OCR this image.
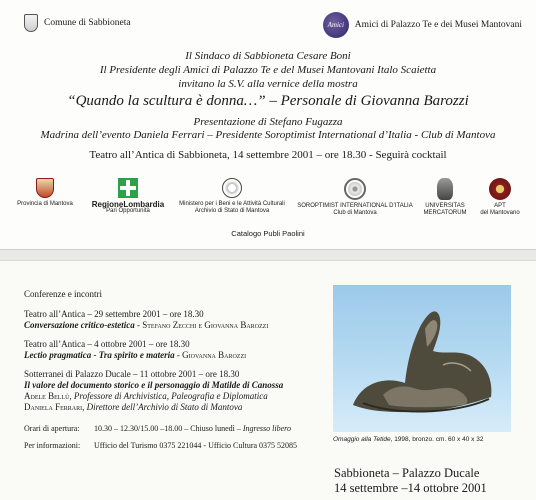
Comune di Sabbioneta	Amici	Amici di Palazzo Te e dei Musei Mantovani
Il Sindaco di Sabbioneta Cesare Boni
Il Presidente degli Amici di Palazzo Te e del Musei Mantovani Italo Scaietta
invitano la S.V. alla vernice della mostra
“Quando la scultura è donna…” – Personale di Giovanna Barozzi
Presentazione di Stefano Fugazza
Madrina dell’evento Daniela Ferrari – Presidente Soroptimist International d’Italia - Club di Mantova
Teatro all’Antica di Sabbioneta, 14 settembre 2001 – ore 18.30 - Seguirà cocktail
Provincia di Mantova	RegioneLombardia
Pari Opportunità
Ministero per i Beni e le Attività Culturali
Archivio di Stato di Mantova
SOROPTIMIST INTERNATIONAL D’ITALIA
Club di Mantova
UNIVERSITAS
MERCATORUM
APT
del Mantovano
Catalogo Publi Paolini
Conferenze e incontri
Teatro all’Antica – 29 settembre 2001 – ore 18.30
Conversazione critico-estetica - Stefano Zecchi e Giovanna Barozzi
Teatro all’Antica – 4 ottobre 2001 – ore 18.30
Lectio pragmatica - Tra spirito e materia - Giovanna Barozzi
Sotterranei di Palazzo Ducale – 11 ottobre 2001 – ore 18.30
Il valore del documento storico e il personaggio di Matilde di Canossa
Adele Bellù, Professore di Archivistica, Paleografia e Diplomatica
Daniela Ferrari, Direttore dell’Archivio di Stato di Mantova
Orari di apertura:	10.30 – 12.30/15.00 –18.00 – Chiuso lunedì – Ingresso libero
Per informazioni:	Ufficio del Turismo 0375 221044 - Ufficio Cultura 0375 52085
Omaggio alla Tetide, 1998, bronzo. cm. 60 x 40 x 32
Sabbioneta – Palazzo Ducale
14 settembre –14 ottobre 2001
